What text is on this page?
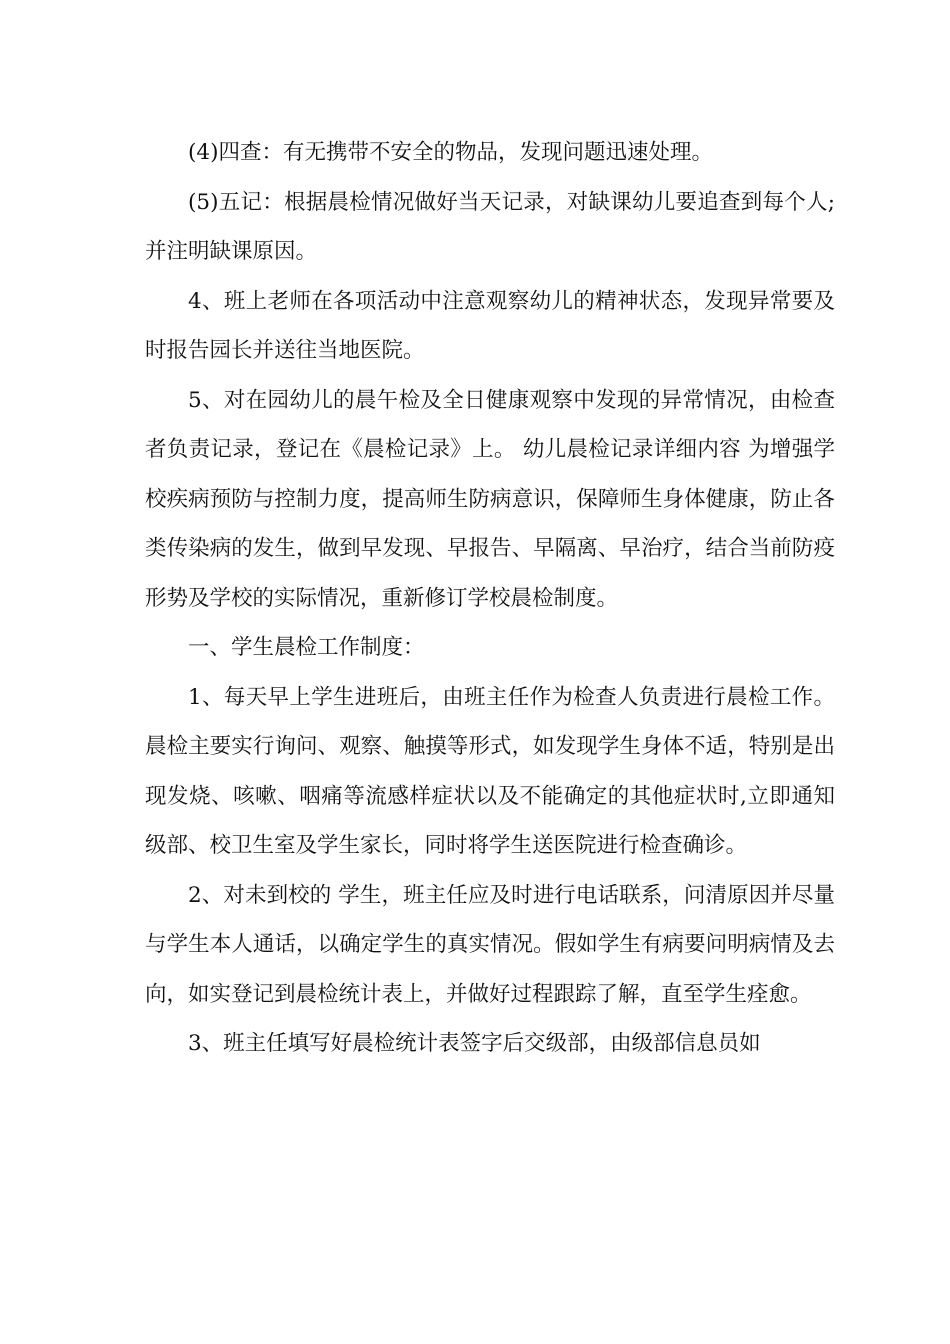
(4)四查：有无携带不安全的物品，发现问题迅速处理。

(5)五记：根据晨检情况做好当天记录，对缺课幼儿要追查到每个人;并注明缺课原因。

4、班上老师在各项活动中注意观察幼儿的精神状态，发现异常要及时报告园长并送往当地医院。

5、对在园幼儿的晨午检及全日健康观察中发现的异常情况，由检查者负责记录，登记在《晨检记录》上。 幼儿晨检记录详细内容 为增强学校疾病预防与控制力度，提高师生防病意识，保障师生身体健康，防止各类传染病的发生，做到早发现、早报告、早隔离、早治疗，结合当前防疫形势及学校的实际情况，重新修订学校晨检制度。

一、学生晨检工作制度：

1、每天早上学生进班后，由班主任作为检查人负责进行晨检工作。晨检主要实行询问、观察、触摸等形式，如发现学生身体不适，特别是出现发烧、咳嗽、咽痛等流感样症状以及不能确定的其他症状时,立即通知级部、校卫生室及学生家长，同时将学生送医院进行检查确诊。

2、对未到校的 学生，班主任应及时进行电话联系，问清原因并尽量与学生本人通话，以确定学生的真实情况。假如学生有病要问明病情及去向，如实登记到晨检统计表上，并做好过程跟踪了解，直至学生痊愈。

3、班主任填写好晨检统计表签字后交级部，由级部信息员如
